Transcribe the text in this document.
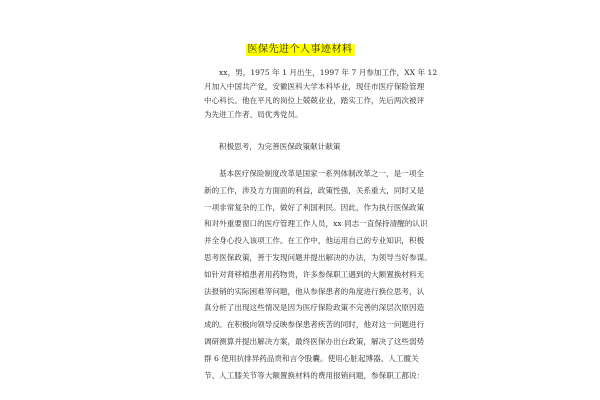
医保先进个人事迹材料
xx，男，1975 年 1 月出生，1997 年 7 月参加工作，XX 年 12
月加入中国共产党，安徽医科大学本科毕业，现任市医疗保险管理
中心科长。他在平凡的岗位上兢兢业业，踏实工作，先后两次被评
为先进工作者、局优秀党员。
积极思考，为完善医保政策献计献策
基本医疗保险制度改革是国家一系列体制改革之一，是一项全
新的工作，涉及方方面面的利益，政策性强，关系重大，同时又是
一项非常复杂的工作，做好了利国利民。因此，作为执行医保政策
和对外重要窗口的医疗管理工作人员，xx 同志一直保持清醒的认识
并全身心投入该项工作。在工作中，他运用自己的专业知识，积极
思考医保政策，善于发现问题并提出解决的办法，为领导当好参谋。
如针对肾移植患者用药物贵，许多参保职工遇到的大额置换材料无
法报销的实际困难等问题，他从参保患者的角度进行换位思考，认
真分析了出现这些情况是因为医疗保险政策不完善的深层次原因造
成的。在积极向领导反映参保患者疾苦的同时，他对这一问题进行
调研测算并提出解决方案，最终医保办出台政策，解决了这些弱势
群 6 使用抗排异药品贵和言令股囊。使用心脏起博器、人工髋关
节、人工膝关节等大额置换材料的费用报销问题，参保职工都说：
